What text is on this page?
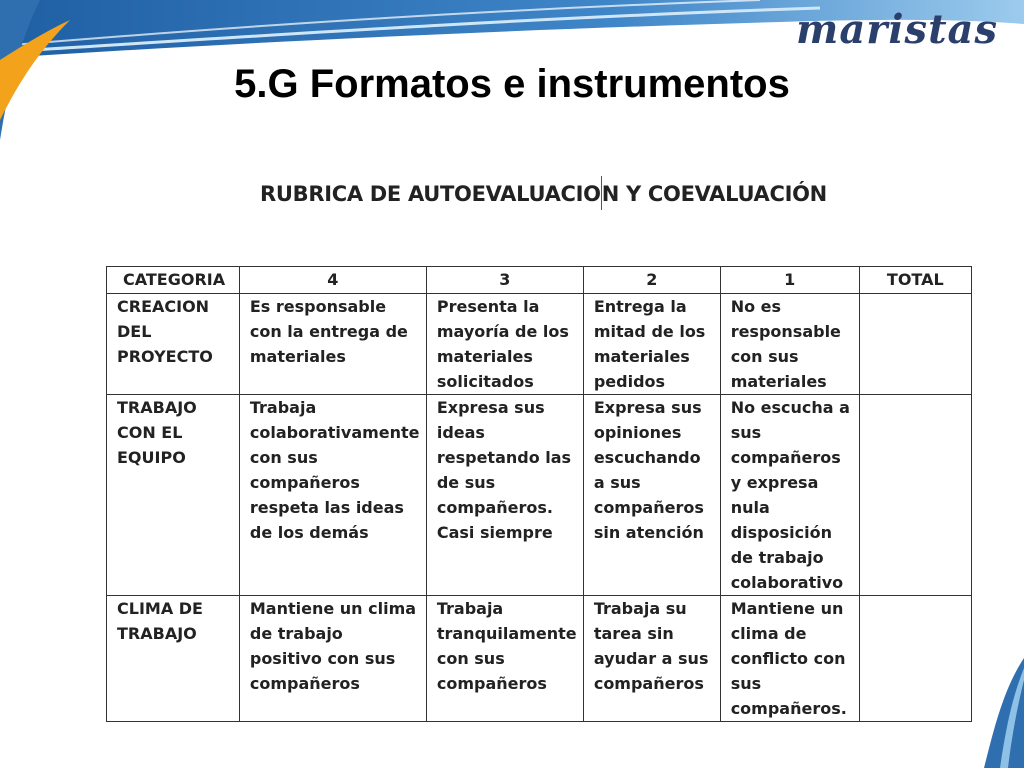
maristas
5.G Formatos e instrumentos
RUBRICA DE AUTOEVALUACION Y COEVALUACIÓN
CATEGORIA	4	3	2	1	TOTAL
CREACION DEL PROYECTO	Es responsable con la entrega de materiales	Presenta la mayoría de los materiales solicitados	Entrega la mitad de los materiales pedidos	No es responsable con sus materiales	
TRABAJO CON EL EQUIPO	Trabaja colaborativamente con sus compañeros respeta las ideas de los demás	Expresa sus ideas respetando las de sus compañeros. Casi siempre	Expresa sus opiniones escuchando a sus compañeros sin atención	No escucha a sus compañeros y expresa nula disposición de trabajo colaborativo	
CLIMA DE TRABAJO	Mantiene un clima de trabajo positivo con sus compañeros	Trabaja tranquilamente con sus compañeros	Trabaja su tarea sin ayudar a sus compañeros	Mantiene un clima de conflicto con sus compañeros.	
